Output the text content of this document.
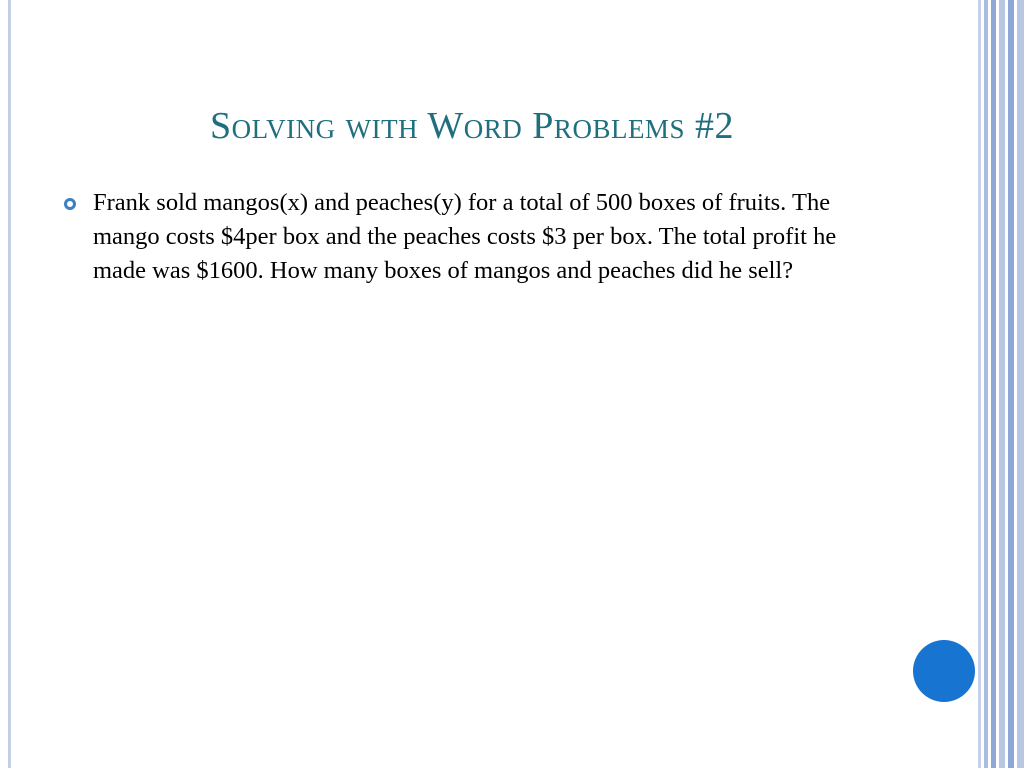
Solving with Word Problems #2
Frank sold mangos(x) and peaches(y) for a total of 500 boxes of fruits. The mango costs $4per box and the peaches costs $3 per box. The total profit he made was $1600. How many boxes of mangos and peaches did he sell?
